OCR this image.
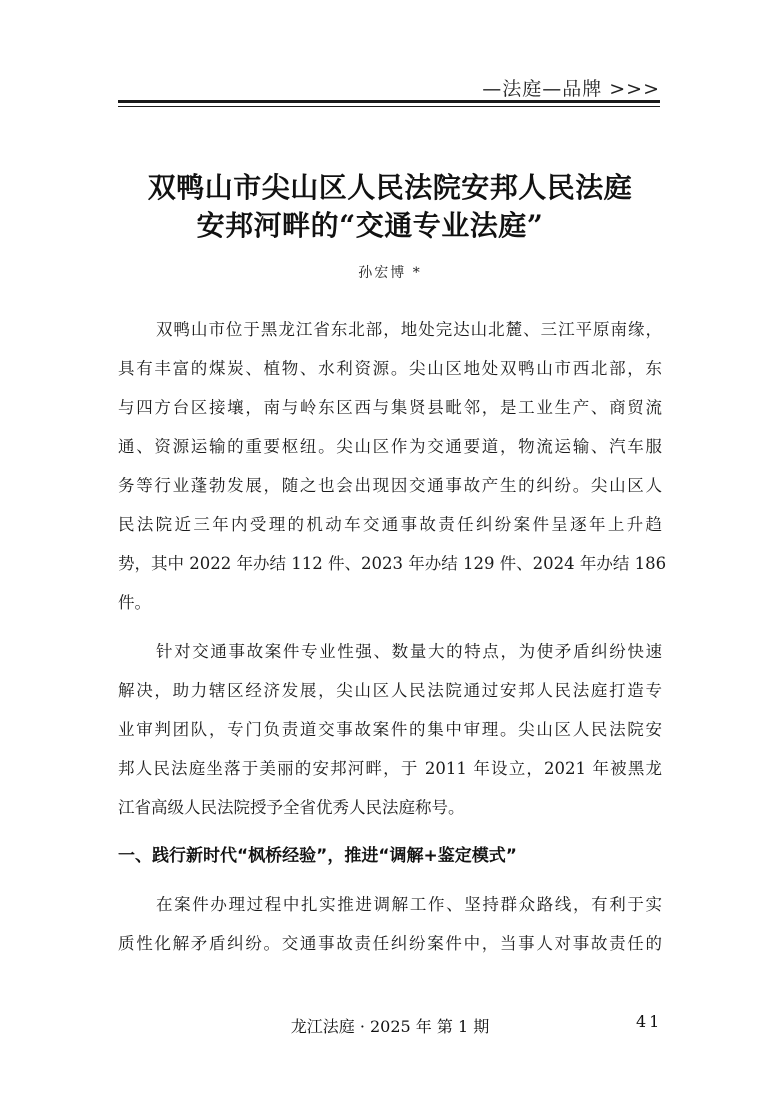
—法庭—品牌 >>>
双鸭山市尖山区人民法院安邦人民法庭
安邦河畔的“交通专业法庭”
孙宏博 *
双鸭山市位于黑龙江省东北部，地处完达山北麓、三江平原南缘，
具有丰富的煤炭、植物、水利资源。尖山区地处双鸭山市西北部，东
与四方台区接壤，南与岭东区西与集贤县毗邻，是工业生产、商贸流
通、资源运输的重要枢纽。尖山区作为交通要道，物流运输、汽车服
务等行业蓬勃发展，随之也会出现因交通事故产生的纠纷。尖山区人
民法院近三年内受理的机动车交通事故责任纠纷案件呈逐年上升趋
势，其中 2022 年办结 112 件、2023 年办结 129 件、2024 年办结 186
件。
针对交通事故案件专业性强、数量大的特点，为使矛盾纠纷快速
解决，助力辖区经济发展，尖山区人民法院通过安邦人民法庭打造专
业审判团队，专门负责道交事故案件的集中审理。尖山区人民法院安
邦人民法庭坐落于美丽的安邦河畔，于 2011 年设立，2021 年被黑龙
江省高级人民法院授予全省优秀人民法庭称号。
一、践行新时代“枫桥经验”，推进“调解+鉴定模式”
在案件办理过程中扎实推进调解工作、坚持群众路线，有利于实
质性化解矛盾纠纷。交通事故责任纠纷案件中，当事人对事故责任的
龙江法庭 · 2025 年 第 1 期	41
